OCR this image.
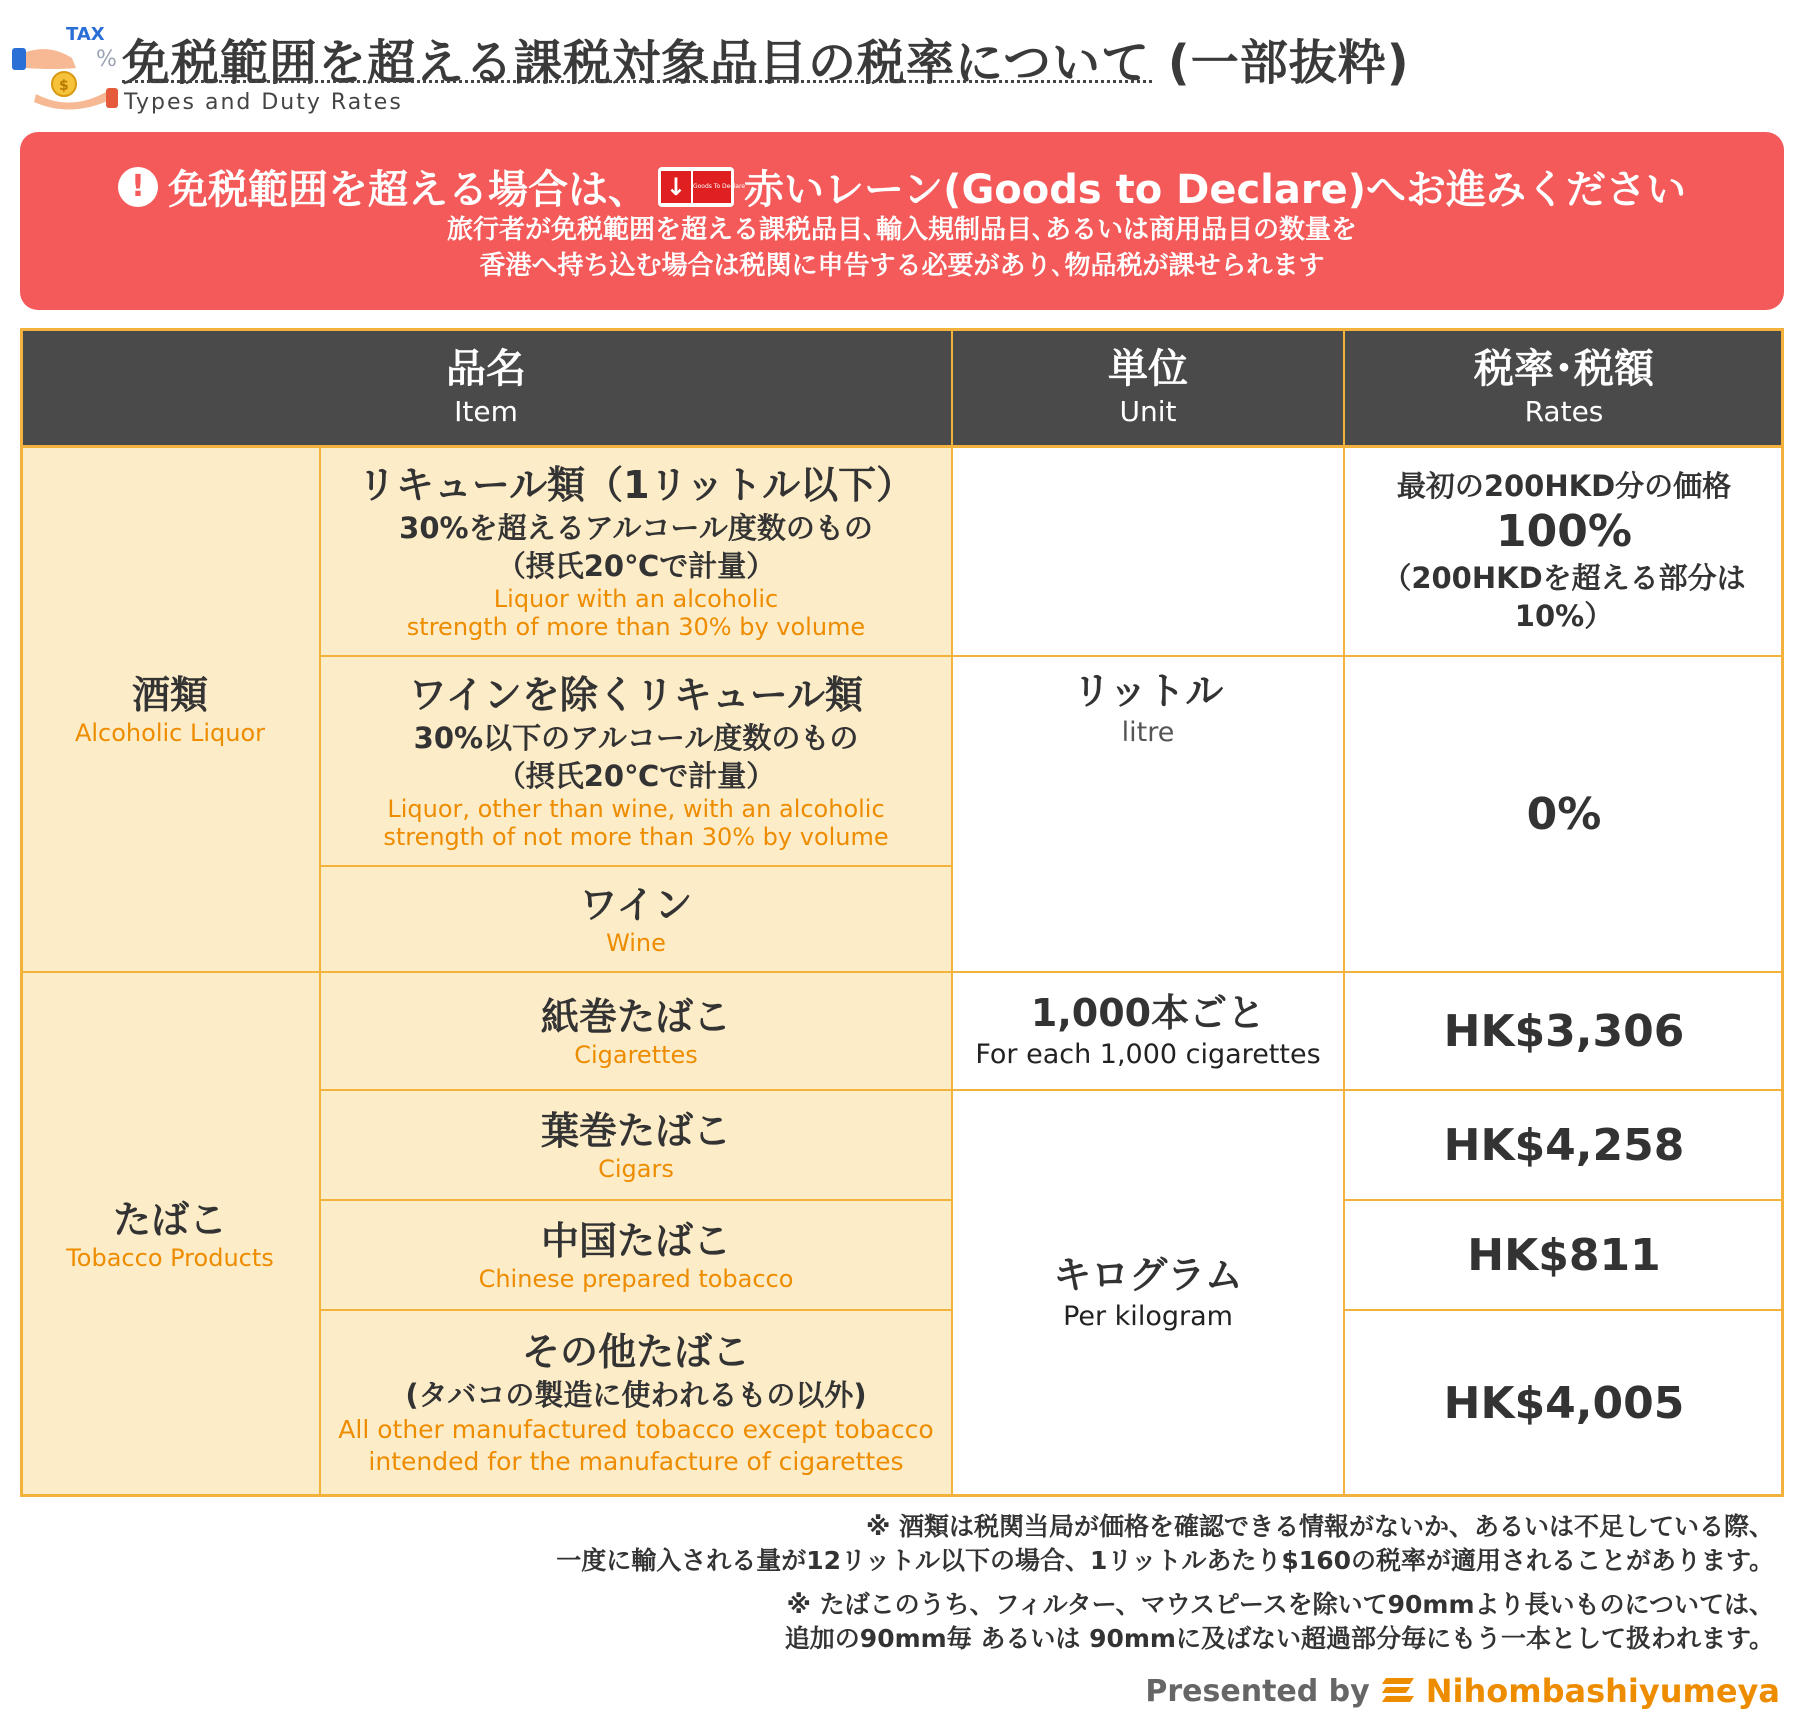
TAX
%
$ 免税範囲を超える課税対象品目の税率について (一部抜粋)
Types and Duty Rates
! 免税範囲を超える場合は、 ↓	Goods To Declare
赤いレーン(Goods to Declare)へお進みください
旅行者が免税範囲を超える課税品目､輸入規制品目､あるいは商用品目の数量を
香港へ持ち込む場合は税関に申告する必要があり､物品税が課せられます
品名
Item
単位
Unit
税率･税額
Rates
酒類
Alcoholic Liquor
たばこ
Tobacco Products
リキュール類（1リットル以下）
30%を超えるアルコール度数のもの
（摂氏20℃で計量）
Liquor with an alcoholic
strength of more than 30% by volume
ワインを除くリキュール類
30%以下のアルコール度数のもの
（摂氏20℃で計量）
Liquor, other than wine, with an alcoholic
strength of not more than 30% by volume
ワイン
Wine
紙巻たばこ
Cigarettes
葉巻たばこ
Cigars
中国たばこ
Chinese prepared tobacco
その他たばこ
(タバコの製造に使われるもの以外)
All other manufactured tobacco except tobacco
intended for the manufacture of cigarettes
リットル
litre
1,000本ごと
For each 1,000 cigarettes
キログラム
Per kilogram
最初の200HKD分の価格
100%
（200HKDを超える部分は10%）
0%
HK$3,306
HK$4,258
HK$811
HK$4,005

※ 酒類は税関当局が価格を確認できる情報がないか、あるいは不足している際、
一度に輸入される量が12リットル以下の場合、1リットルあたり$160の税率が適用されることがあります。

※ たばこのうち、フィルター、マウスピースを除いて90mmより長いものについては、
追加の90mm毎 あるいは 90mmに及ばない超過部分毎にもう一本として扱われます。

Presented by Nihombashiyumeya
